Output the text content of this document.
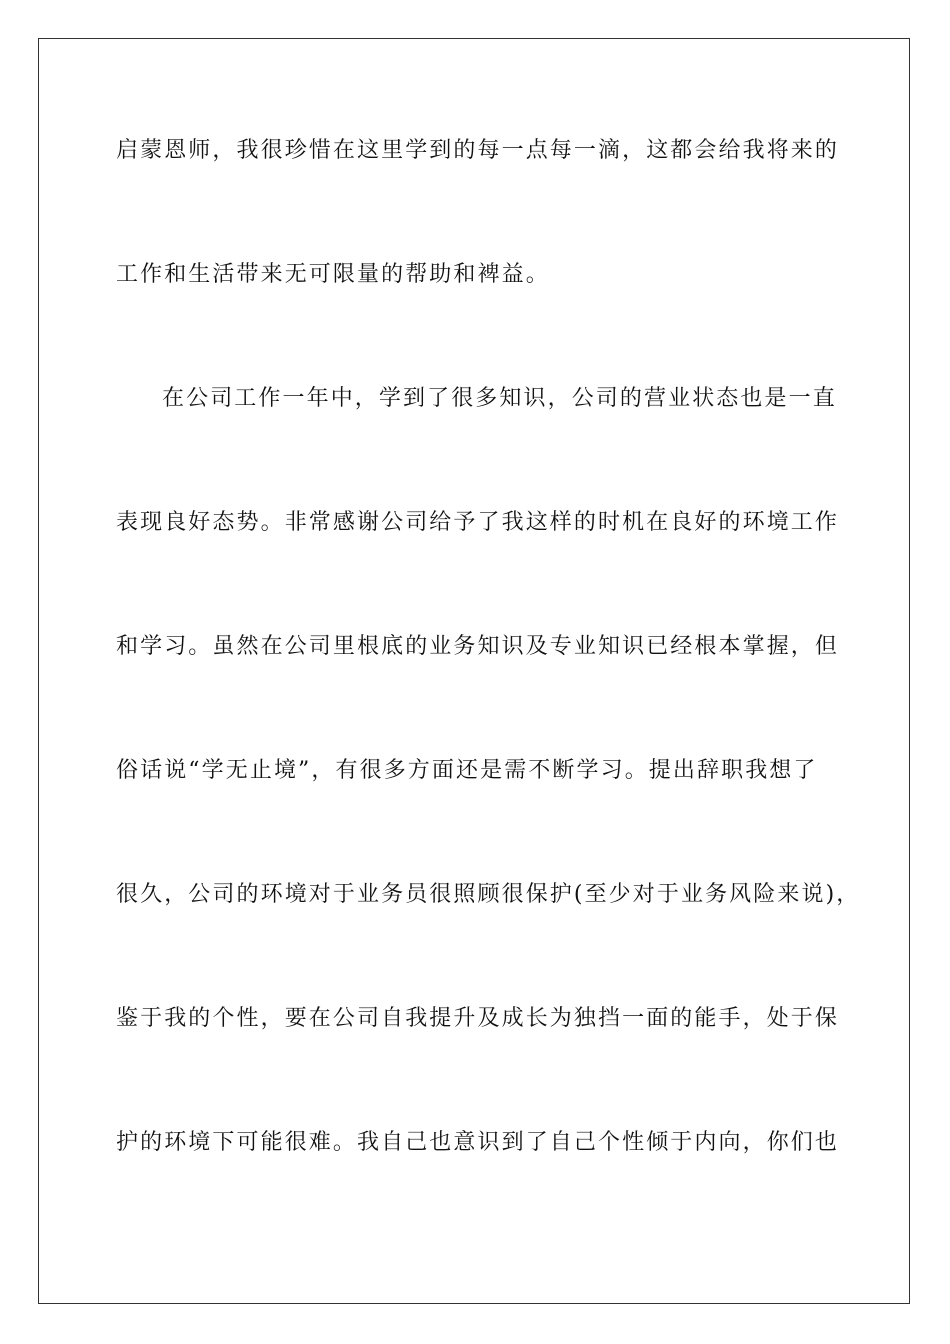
启蒙恩师，我很珍惜在这里学到的每一点每一滴，这都会给我将来的
工作和生活带来无可限量的帮助和裨益。
在公司工作一年中，学到了很多知识，公司的营业状态也是一直
表现良好态势。非常感谢公司给予了我这样的时机在良好的环境工作
和学习。虽然在公司里根底的业务知识及专业知识已经根本掌握，但
俗话说“学无止境”，有很多方面还是需不断学习。提出辞职我想了
很久，公司的环境对于业务员很照顾很保护(至少对于业务风险来说)，
鉴于我的个性，要在公司自我提升及成长为独挡一面的能手，处于保
护的环境下可能很难。我自己也意识到了自己个性倾于内向，你们也
